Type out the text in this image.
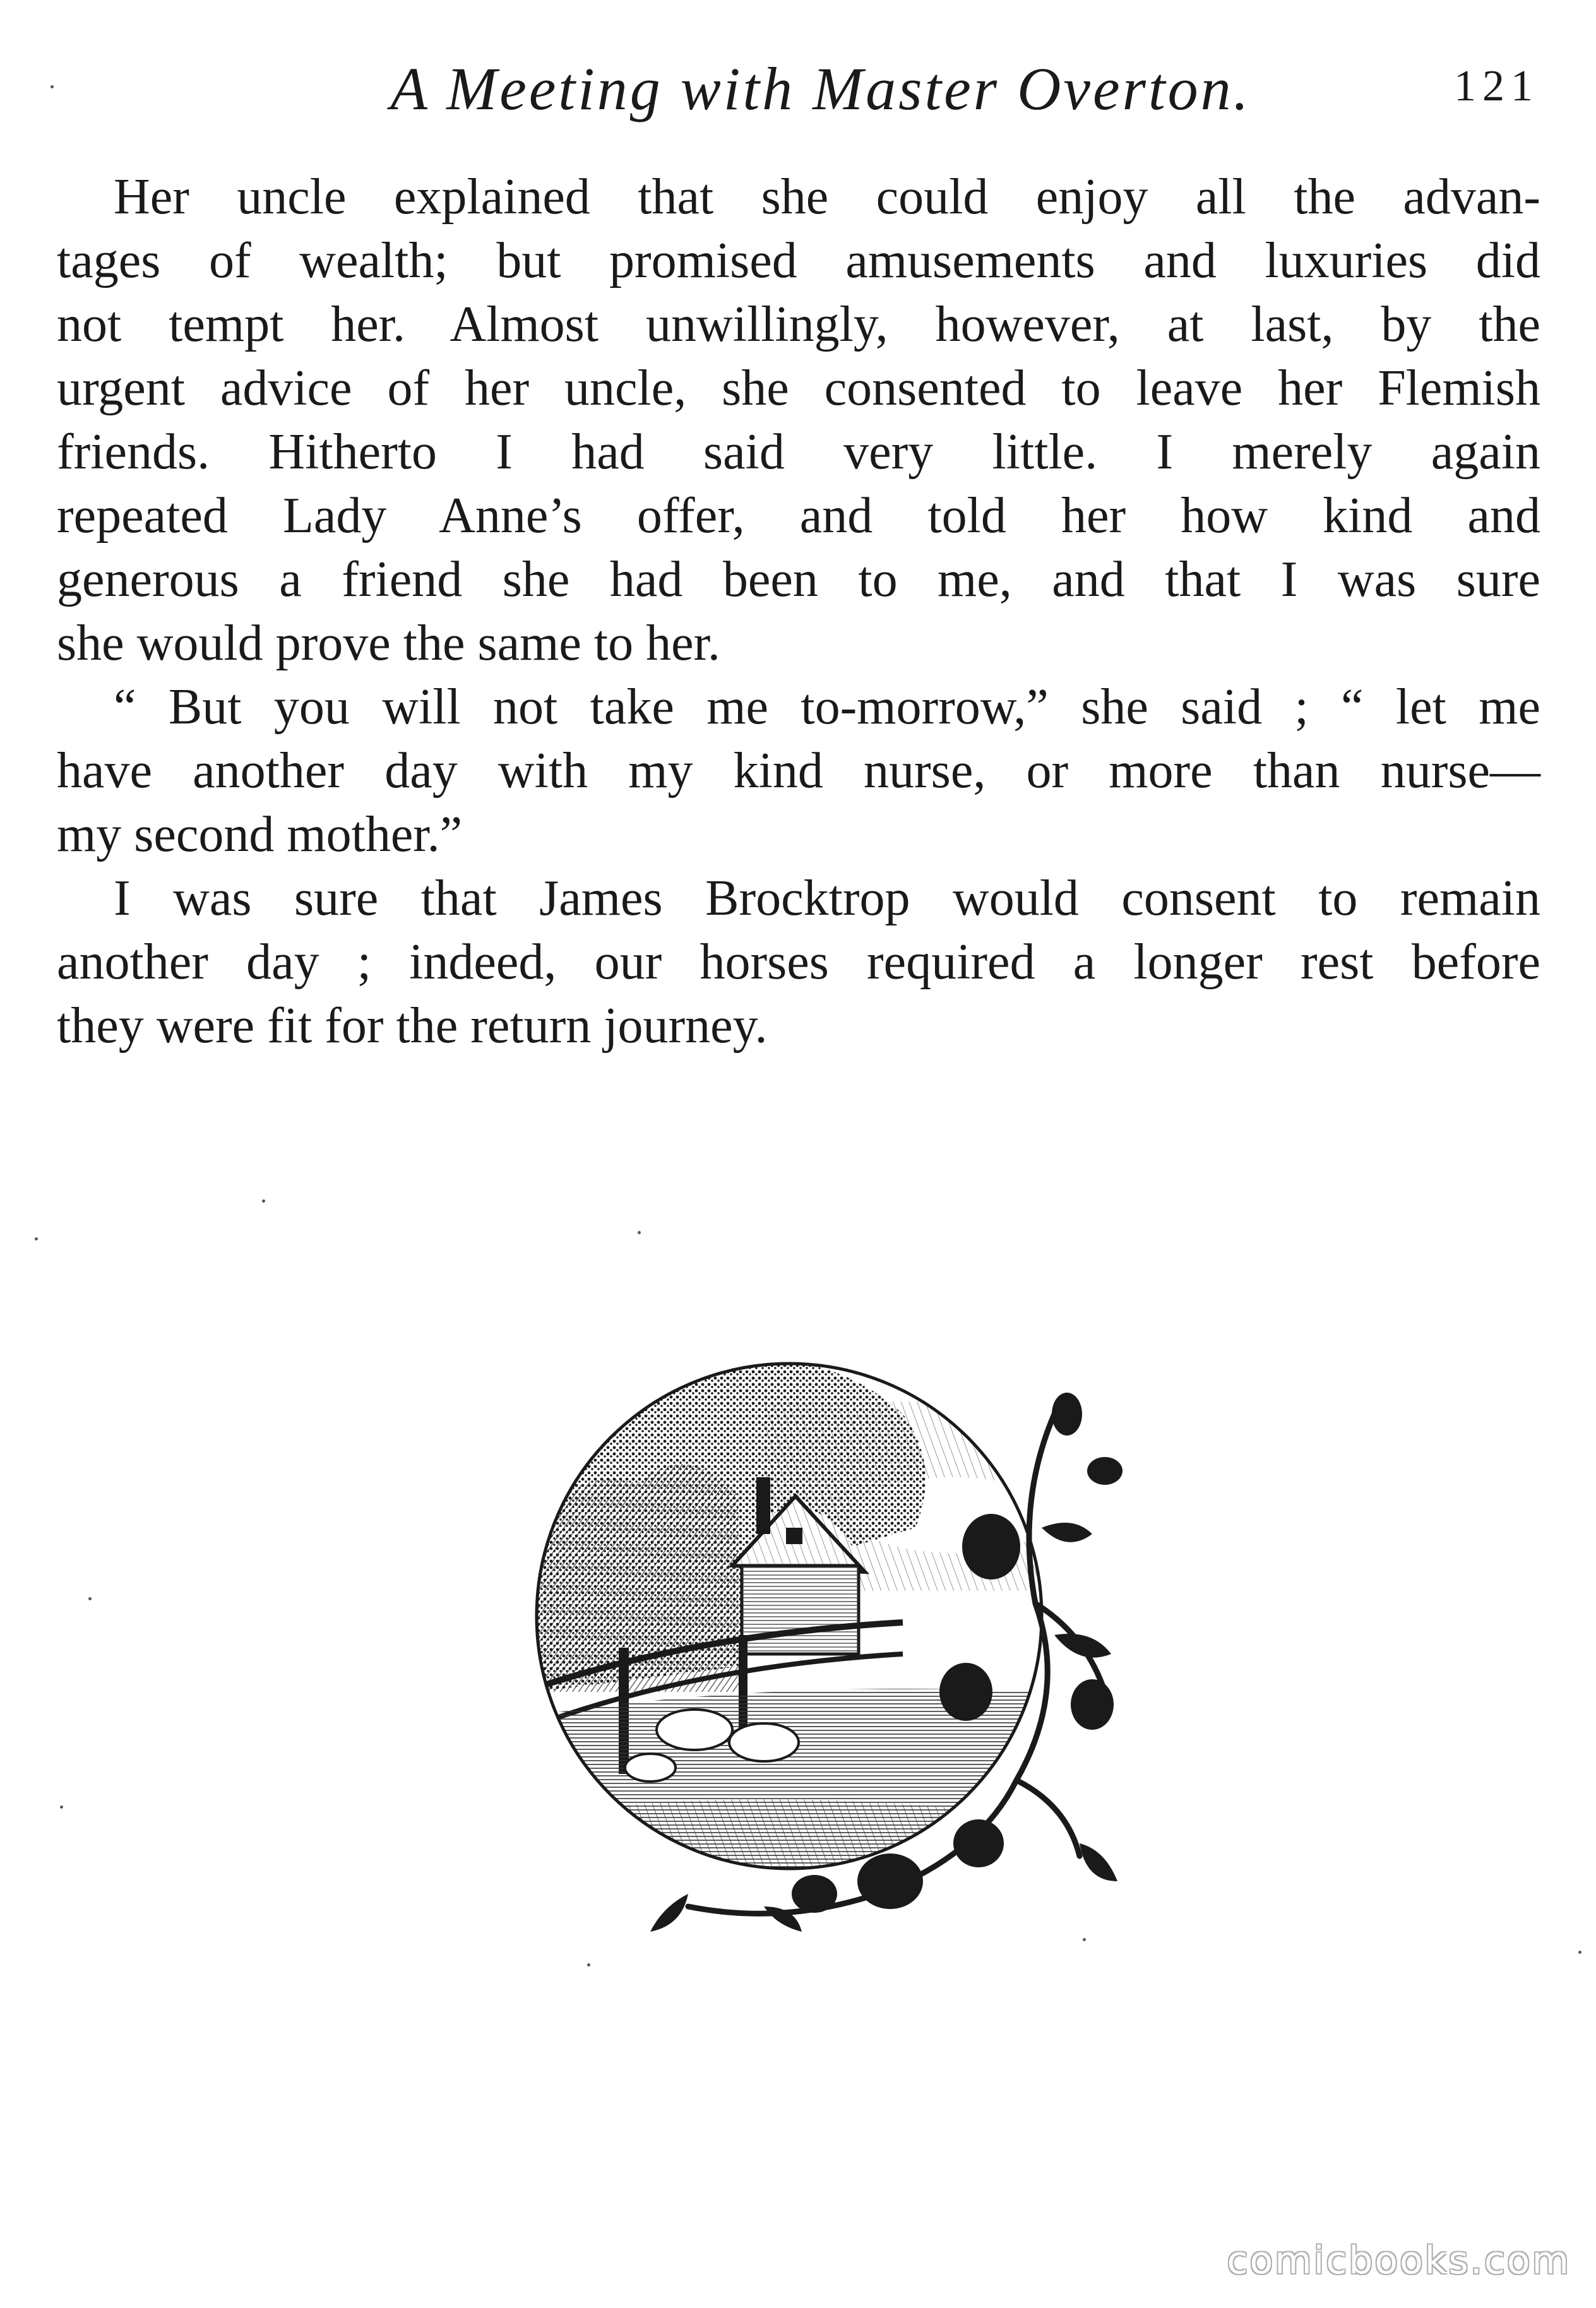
A Meeting with Master Overton.	121
Her uncle explained that she could enjoy all the advan-
tages of wealth; but promised amusements and luxuries did
not tempt her. Almost unwillingly, however, at last, by the
urgent advice of her uncle, she consented to leave her Flemish
friends. Hitherto I had said very little. I merely again
repeated Lady Anne’s offer, and told her how kind and
generous a friend she had been to me, and that I was sure
she would prove the same to her.
“ But you will not take me to-morrow,” she said ; “ let me
have another day with my kind nurse, or more than nurse—
my second mother.”
I was sure that James Brocktrop would consent to remain
another day ; indeed, our horses required a longer rest before
they were fit for the return journey.
comicbooks.com
